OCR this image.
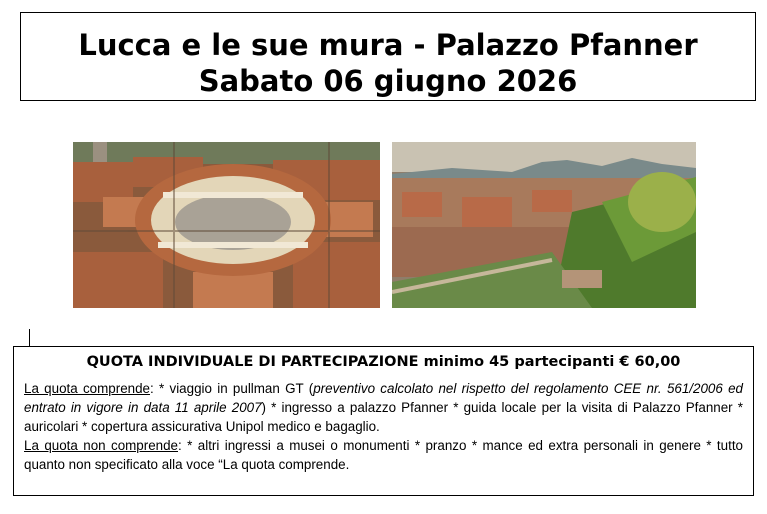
Lucca e le sue mura - Palazzo Pfanner
Sabato 06 giugno 2026
QUOTA INDIVIDUALE DI PARTECIPAZIONE minimo 45 partecipanti € 60,00

La quota comprende: * viaggio in pullman GT (preventivo calcolato nel rispetto del regolamento CEE nr. 561/2006 ed entrato in vigore in data 11 aprile 2007) * ingresso a palazzo Pfanner * guida locale per la visita di Palazzo Pfanner * auricolari * copertura assicurativa Unipol medico e bagaglio.

La quota non comprende: * altri ingressi a musei o monumenti * pranzo * mance ed extra personali in genere * tutto quanto non specificato alla voce “La quota comprende.
